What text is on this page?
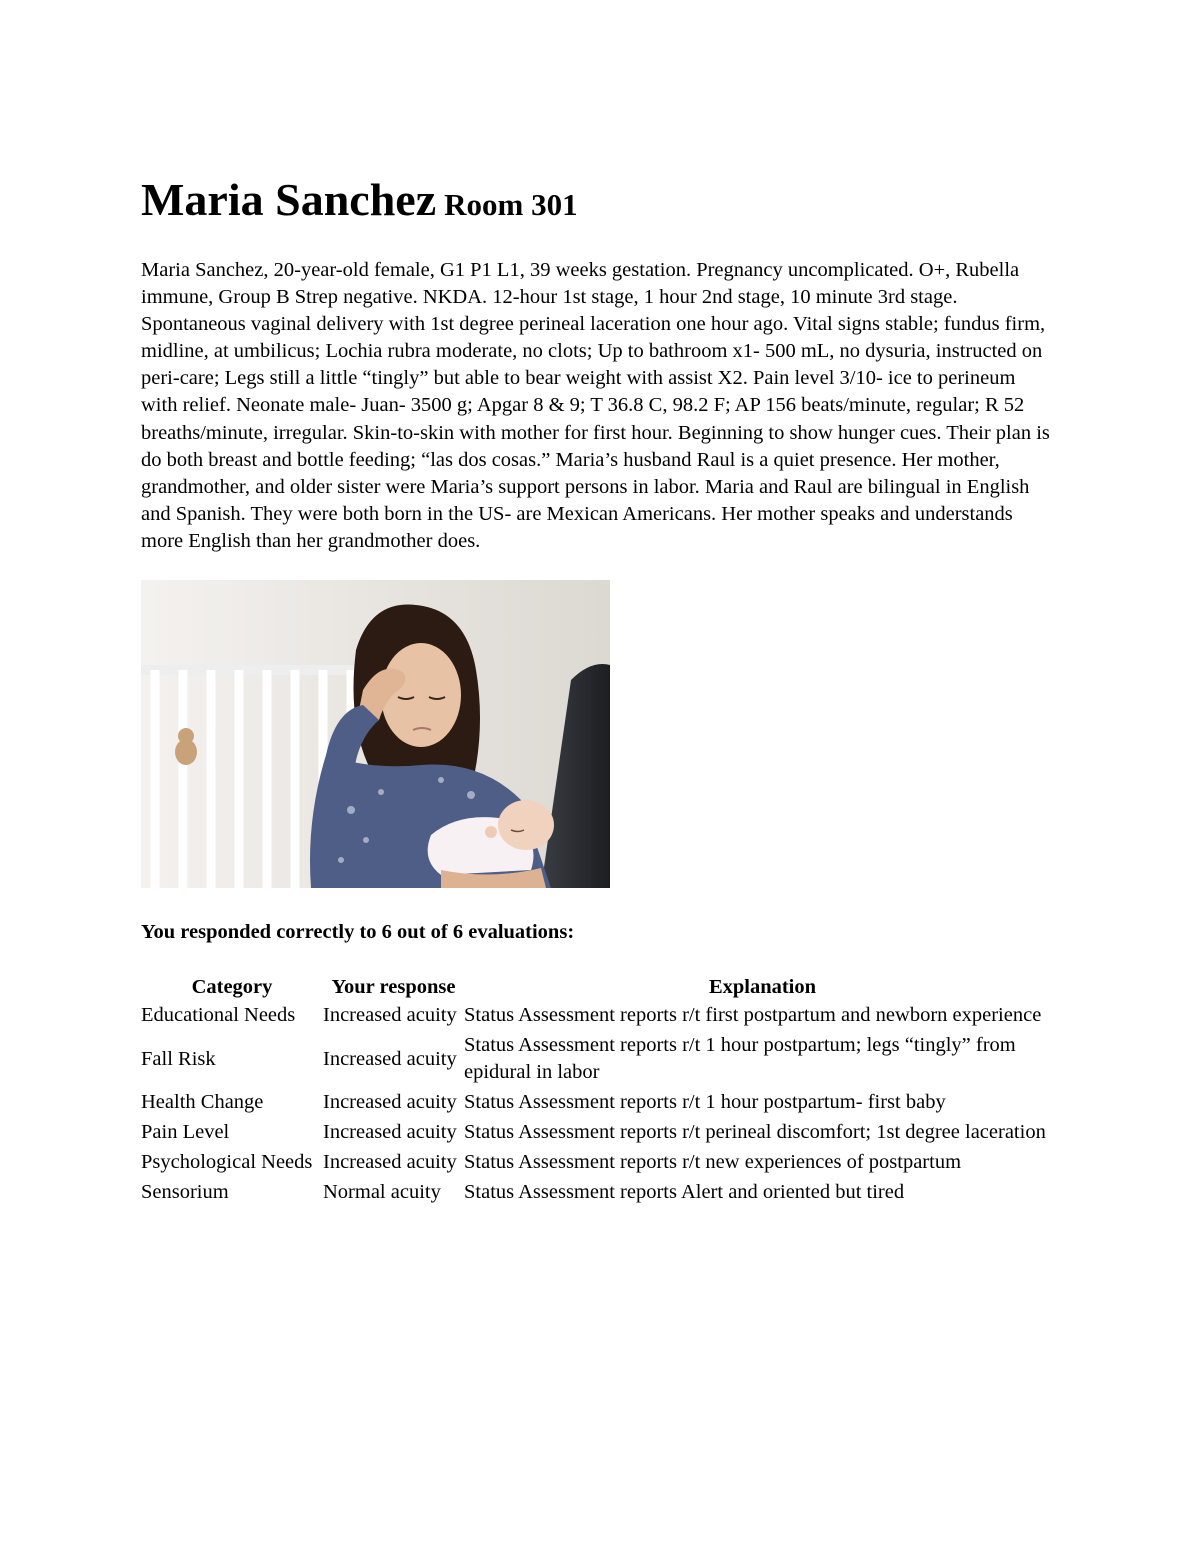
Maria Sanchez Room 301

Maria Sanchez, 20-year-old female, G1 P1 L1, 39 weeks gestation. Pregnancy uncomplicated. O+, Rubella immune, Group B Strep negative. NKDA. 12-hour 1st stage, 1 hour 2nd stage, 10 minute 3rd stage. Spontaneous vaginal delivery with 1st degree perineal laceration one hour ago. Vital signs stable; fundus firm, midline, at umbilicus; Lochia rubra moderate, no clots; Up to bathroom x1- 500 mL, no dysuria, instructed on peri-care; Legs still a little “tingly” but able to bear weight with assist X2. Pain level 3/10- ice to perineum with relief. Neonate male- Juan- 3500 g; Apgar 8 & 9; T 36.8 C, 98.2 F; AP 156 beats/minute, regular; R 52 breaths/minute, irregular. Skin-to-skin with mother for first hour. Beginning to show hunger cues. Their plan is do both breast and bottle feeding; “las dos cosas.” Maria’s husband Raul is a quiet presence. Her mother, grandmother, and older sister were Maria’s support persons in labor. Maria and Raul are bilingual in English and Spanish. They were both born in the US- are Mexican Americans. Her mother speaks and understands more English than her grandmother does.

You responded correctly to 6 out of 6 evaluations:

Category	Your response	Explanation
Educational Needs	Increased acuity	Status Assessment reports r/t first postpartum and newborn experience
Fall Risk	Increased acuity	Status Assessment reports r/t 1 hour postpartum; legs “tingly” from epidural in labor
Health Change	Increased acuity	Status Assessment reports r/t 1 hour postpartum- first baby
Pain Level	Increased acuity	Status Assessment reports r/t perineal discomfort; 1st degree laceration
Psychological Needs	Increased acuity	Status Assessment reports r/t new experiences of postpartum
Sensorium	Normal acuity	Status Assessment reports Alert and oriented but tired
